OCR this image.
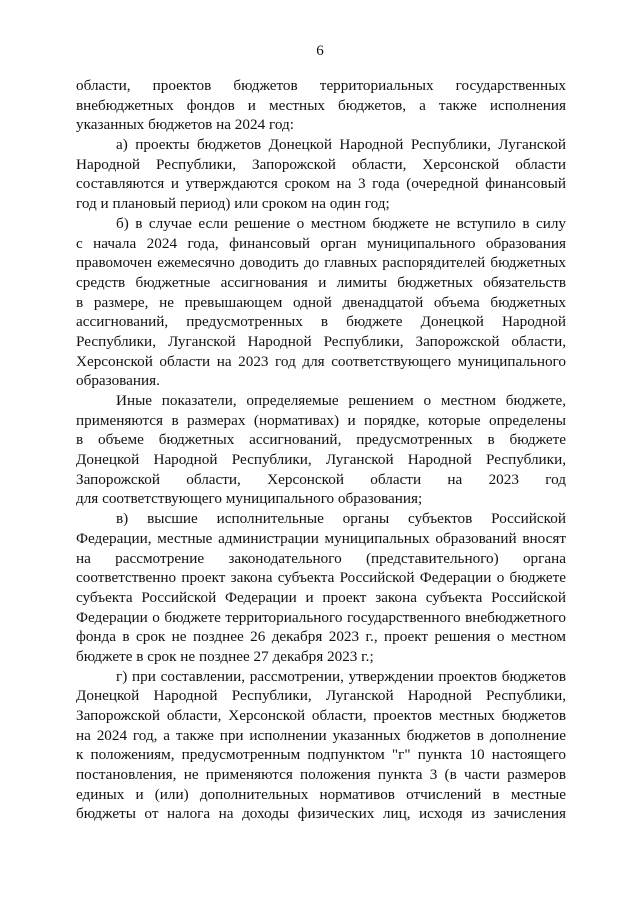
6
области, проектов бюджетов территориальных государственных
внебюджетных фондов и местных бюджетов, а также исполнения
указанных бюджетов на 2024 год:
а) проекты бюджетов Донецкой Народной Республики, Луганской
Народной Республики, Запорожской области, Херсонской области
составляются и утверждаются сроком на 3 года (очередной финансовый
год и плановый период) или сроком на один год;
б) в случае если решение о местном бюджете не вступило в силу
с начала 2024 года, финансовый орган муниципального образования
правомочен ежемесячно доводить до главных распорядителей бюджетных
средств бюджетные ассигнования и лимиты бюджетных обязательств
в размере, не превышающем одной двенадцатой объема бюджетных
ассигнований, предусмотренных в бюджете Донецкой Народной
Республики, Луганской Народной Республики, Запорожской области,
Херсонской области на 2023 год для соответствующего муниципального
образования.
Иные показатели, определяемые решением о местном бюджете,
применяются в размерах (нормативах) и порядке, которые определены
в объеме бюджетных ассигнований, предусмотренных в бюджете
Донецкой Народной Республики, Луганской Народной Республики,
Запорожской области, Херсонской области на 2023 год
для соответствующего муниципального образования;
в) высшие исполнительные органы субъектов Российской
Федерации, местные администрации муниципальных образований вносят
на рассмотрение законодательного (представительного) органа
соответственно проект закона субъекта Российской Федерации о бюджете
субъекта Российской Федерации и проект закона субъекта Российской
Федерации о бюджете территориального государственного внебюджетного
фонда в срок не позднее 26 декабря 2023 г., проект решения о местном
бюджете в срок не позднее 27 декабря 2023 г.;
г) при составлении, рассмотрении, утверждении проектов бюджетов
Донецкой Народной Республики, Луганской Народной Республики,
Запорожской области, Херсонской области, проектов местных бюджетов
на 2024 год, а также при исполнении указанных бюджетов в дополнение
к положениям, предусмотренным подпунктом "г" пункта 10 настоящего
постановления, не применяются положения пункта 3 (в части размеров
единых и (или) дополнительных нормативов отчислений в местные
бюджеты от налога на доходы физических лиц, исходя из зачисления
